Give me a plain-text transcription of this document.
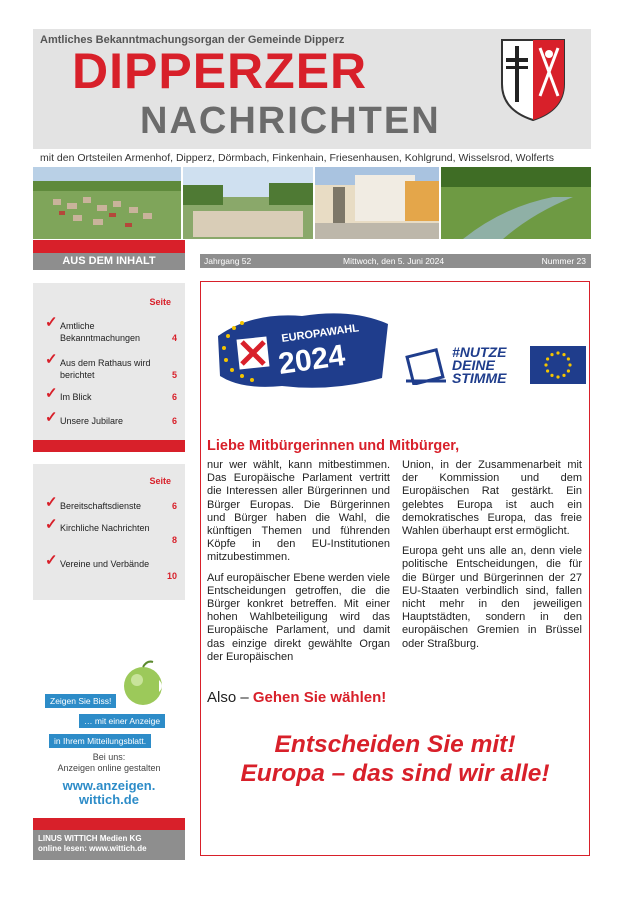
Amtliches Bekanntmachungsorgan der Gemeinde Dipperz
DIPPERZER
NACHRICHTEN
mit den Ortsteilen Armenhof, Dipperz, Dörmbach, Finkenhain, Friesenhausen, Kohlgrund, Wisselsrod, Wolferts
AUS DEM INHALT
Seite
✓ Amtliche Bekanntmachungen	4
✓ Aus dem Rathaus wird berichtet	5
✓ Im Blick	6
✓ Unsere Jubilare	6
Seite
✓ Bereitschaftsdienste	6
✓ Kirchliche Nachrichten
8
✓ Vereine und Verbände
10
Zeigen Sie Biss!
… mit einer Anzeige
in Ihrem Mitteilungsblatt.
Bei uns:
Anzeigen online gestalten
www.anzeigen.
wittich.de
LINUS WITTICH Medien KG
online lesen: www.wittich.de
Jahrgang 52	Mittwoch, den 5. Juni 2024	Nummer 23
EUROPAWAHL
2024	#NUTZE
DEINE
STIMME
Liebe Mitbürgerinnen und Mitbürger,

nur wer wählt, kann mitbestimmen. Das Europäische Parlament vertritt die Interessen aller Bürgerinnen und Bürger Europas. Die Bürgerinnen und Bürger haben die Wahl, die künftigen Themen und führenden Köpfe in den EU-Institutionen mitzubestimmen.

Auf europäischer Ebene werden viele Entscheidungen getroffen, die die Bürger konkret betreffen. Mit einer hohen Wahlbeteiligung wird das Europäische Parlament, und damit das einzige direkt gewählte Organ der Europäischen

Union, in der Zusammenarbeit mit der Kommission und dem Europäischen Rat gestärkt. Ein gelebtes Europa ist auch ein demokratisches Europa, das freie Wahlen überhaupt erst ermöglicht.

Europa geht uns alle an, denn viele politische Entscheidungen, die für die Bürger und Bürgerinnen der 27 EU-Staaten verbindlich sind, fallen nicht mehr in den jeweiligen Hauptstädten, sondern in den europäischen Gremien in Brüssel oder Straßburg.

Also – Gehen Sie wählen!
Entscheiden Sie mit!
Europa – das sind wir alle!
